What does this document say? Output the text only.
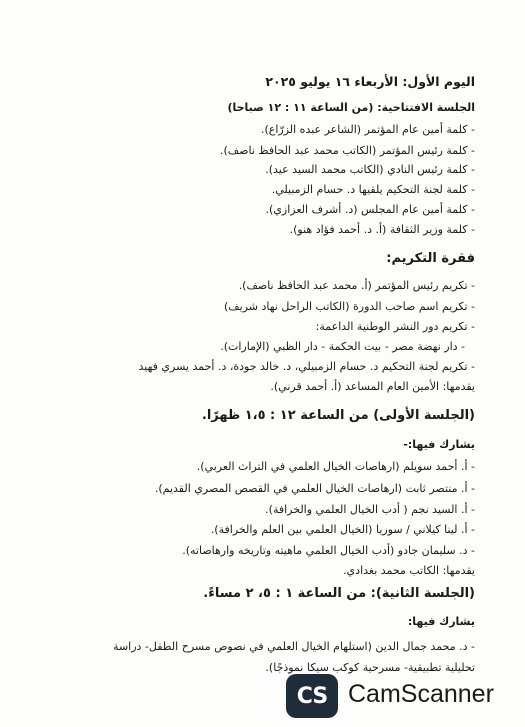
اليوم الأول: الأربعاء ١٦ يوليو ٢٠٢٥
الجلسة الافتتاحية: (من الساعة ١١ : ١٢ صباحا)
- كلمة أمين عام المؤتمر (الشاعر عبده الزرّاع).
- كلمة رئيس المؤتمر (الكاتب محمد عبد الحافظ ناصف).
- كلمة رئيس النادي (الكاتب محمد السيد عيد).
- كلمة لجنة التحكيم يلقيها د. حسام الزمبيلي.
- كلمة أمين عام المجلس (د. أشرف العزازي).
- كلمة وزير الثقافة (أ. د. أحمد فؤاد هنو).
فقرة التكريم:
- تكريم رئيس المؤتمر (أ. محمد عبد الحافظ ناصف).
- تكريم اسم صاحب الدورة (الكاتب الراحل نهاد شريف)
- تكريم دور النشر الوطنية الداعمة:
- دار نهضة مصر - بيت الحكمة - دار الظبي (الإمارات).
- تكريم لجنة التحكيم د. حسام الزمبيلي، د. خالد جودة، د. أحمد يسري فهيد
يقدمها: الأمين العام المساعد (أ. أحمد قرني).
(الجلسة الأولى) من الساعة ١٢ : ١،٥ ظهرًا.
يشارك فيها:-
- أ. أحمد سويلم (ارهاصات الخيال العلمي في التراث العربي).
- أ. منتصر ثابت (ارهاصات الخيال العلمي في القصص المصري القديم).
- أ. السيد نجم ( أدب الخيال العلمي والخرافة).
- أ. لينا كيلاني / سوريا (الخيال العلمي بين العلم والخرافة).
- د. سليمان جادو (أدب الخيال العلمي ماهيته وتاريخه وارهاصاته).
يقدمها: الكاتب محمد بغدادي.
(الجلسة الثانية): من الساعة ١ : ٥، ٢ مساءً.
يشارك فيها:
- د. محمد جمال الدين (استلهام الخيال العلمي في نصوص مسرح الطفل- دراسة
تحليلية تطبيقية- مسرحية كوكب سيكا نموذجًا).
CS CamScanner
